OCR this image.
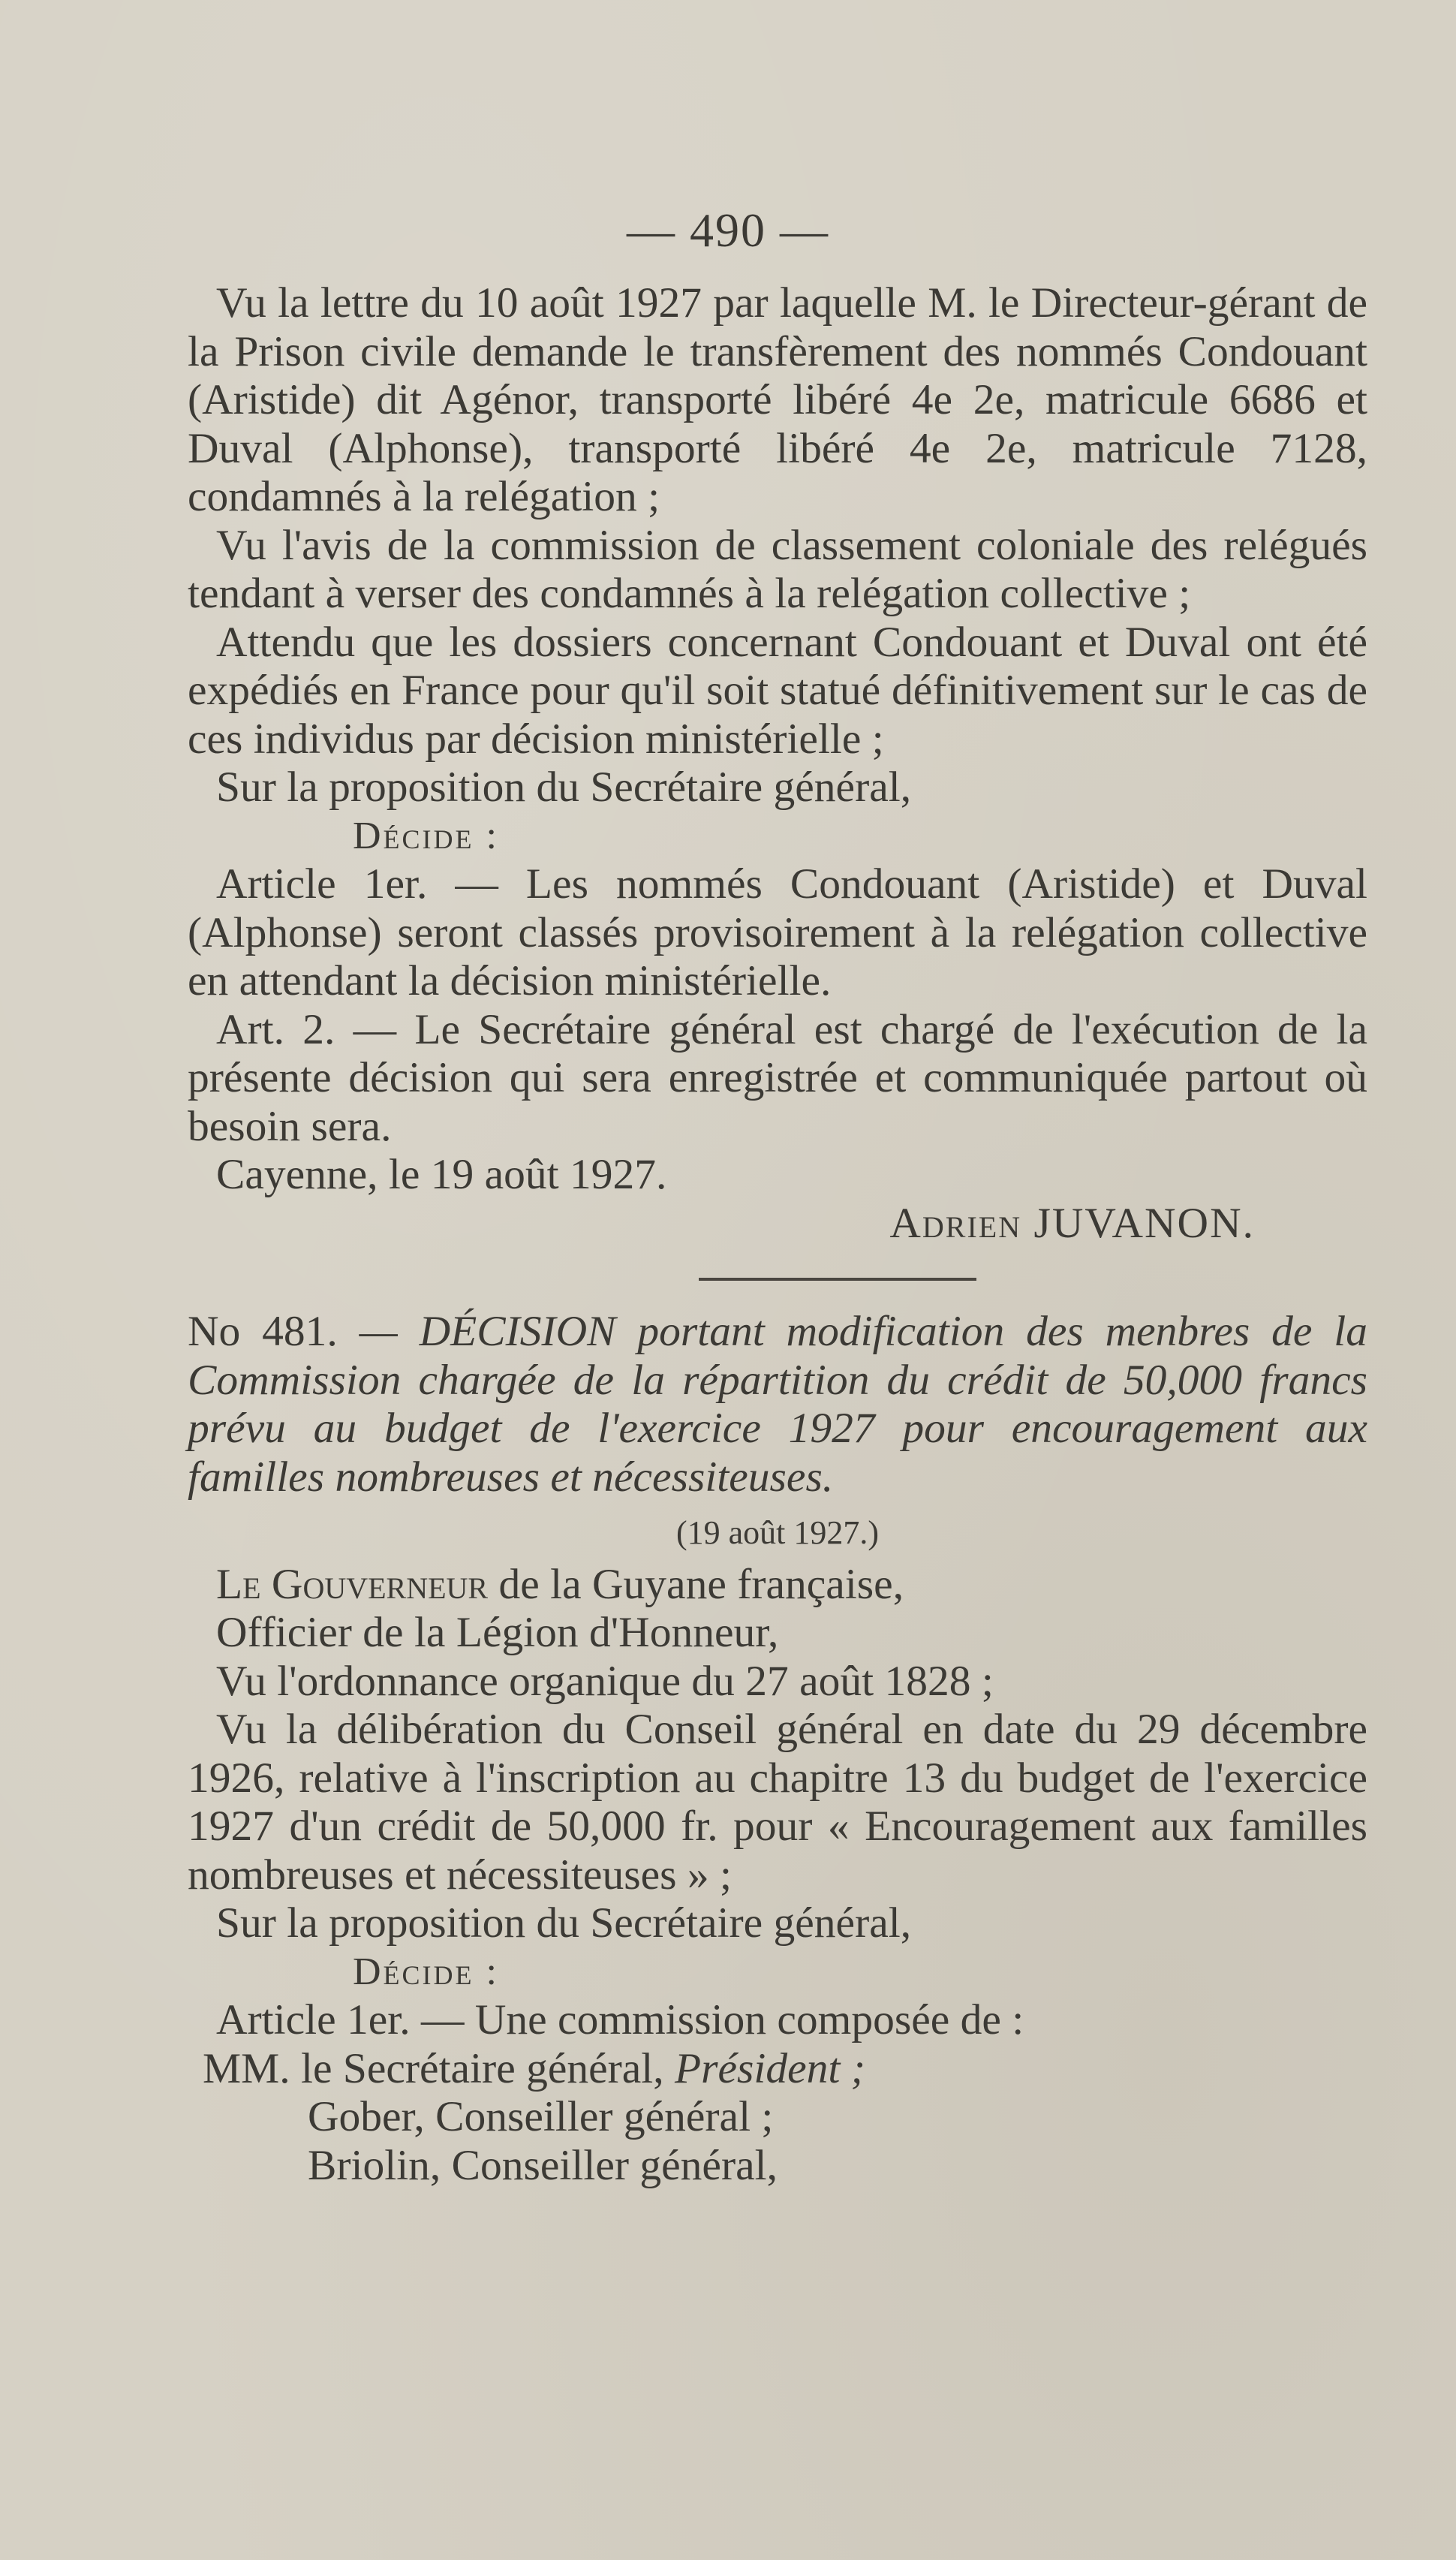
— 490 —

Vu la lettre du 10 août 1927 par laquelle M. le Directeur-gérant de la Prison civile demande le transfèrement des nommés Condouant (Aristide) dit Agénor, transporté libéré 4e 2e, matricule 6686 et Duval (Alphonse), transporté libéré 4e 2e, matricule 7128, condamnés à la relégation ;

Vu l'avis de la commission de classement coloniale des relégués tendant à verser des condamnés à la relégation collective ;

Attendu que les dossiers concernant Condouant et Duval ont été expédiés en France pour qu'il soit statué définitivement sur le cas de ces individus par décision ministérielle ;

Sur la proposition du Secrétaire général,

Décide :

Article 1er. — Les nommés Condouant (Aristide) et Duval (Alphonse) seront classés provisoirement à la relégation collective en attendant la décision ministérielle.

Art. 2. — Le Secrétaire général est chargé de l'exécution de la présente décision qui sera enregistrée et communiquée partout où besoin sera.

Cayenne, le 19 août 1927.

Adrien JUVANON.

No 481. — DÉCISION portant modification des menbres de la Commission chargée de la répartition du crédit de 50,000 francs prévu au budget de l'exercice 1927 pour encouragement aux familles nombreuses et nécessiteuses.

(19 août 1927.)

Le Gouverneur de la Guyane française,

Officier de la Légion d'Honneur,

Vu l'ordonnance organique du 27 août 1828 ;

Vu la délibération du Conseil général en date du 29 décembre 1926, relative à l'inscription au chapitre 13 du budget de l'exercice 1927 d'un crédit de 50,000 fr. pour « Encouragement aux familles nombreuses et nécessiteuses » ;

Sur la proposition du Secrétaire général,

Décide :

Article 1er. — Une commission composée de :

MM. le Secrétaire général, Président ;

Gober, Conseiller général ;

Briolin, Conseiller général,
